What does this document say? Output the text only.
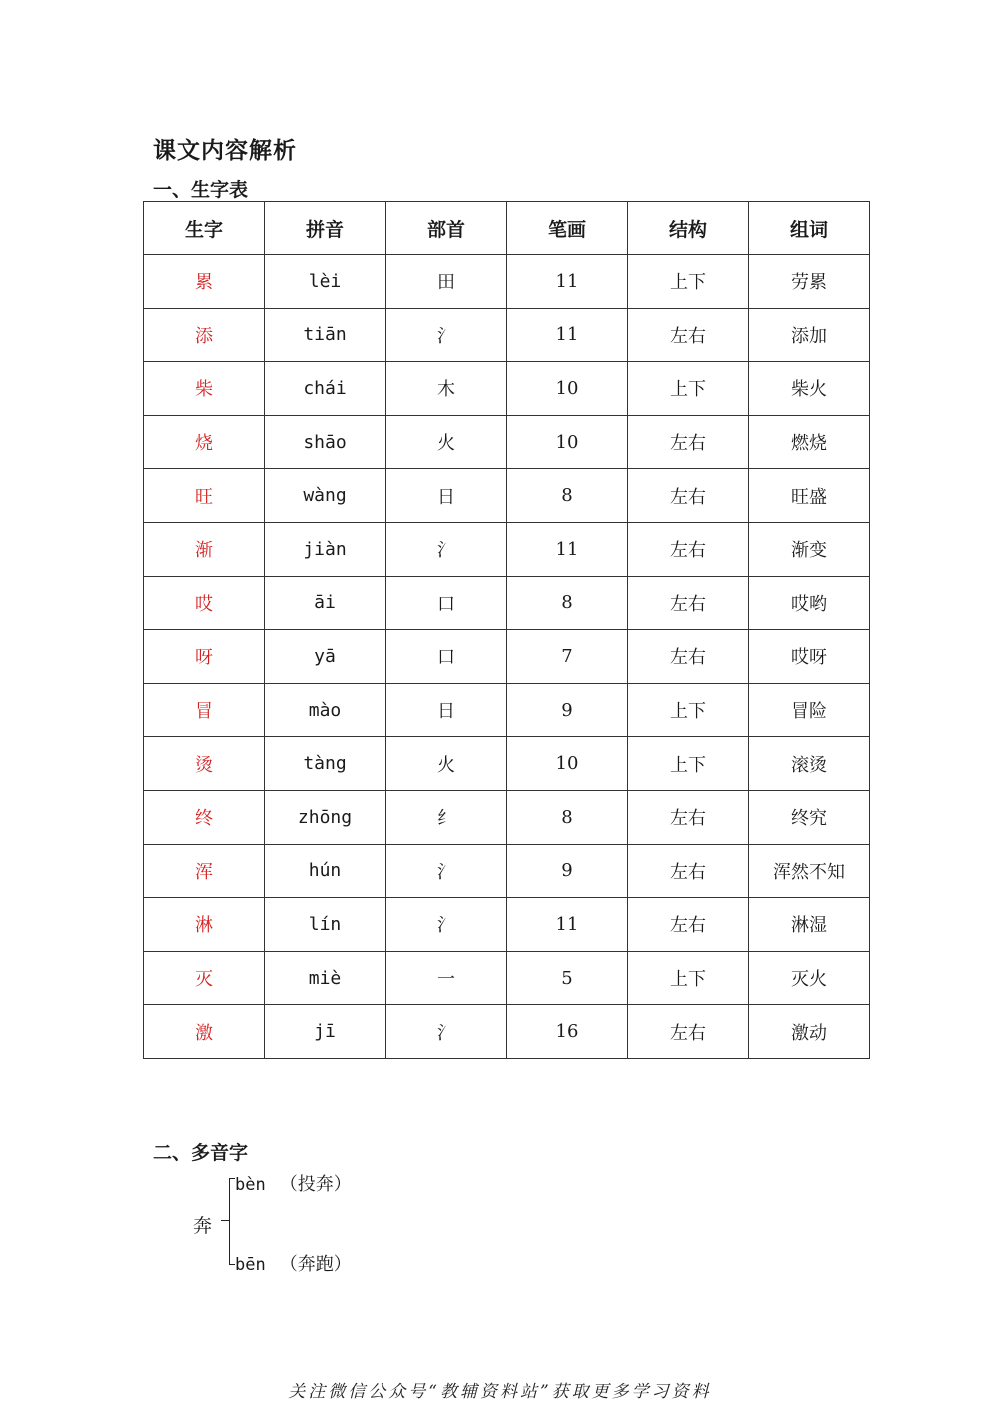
课文内容解析
一、生字表
生字	拼音	部首	笔画	结构	组词
累	lèi	田	11	上下	劳累
添	tiān	氵	11	左右	添加
柴	chái	木	10	上下	柴火
烧	shāo	火	10	左右	燃烧
旺	wàng	日	8	左右	旺盛
渐	jiàn	氵	11	左右	渐变
哎	āi	口	8	左右	哎哟
呀	yā	口	7	左右	哎呀
冒	mào	日	9	上下	冒险
烫	tàng	火	10	上下	滚烫
终	zhōng	纟	8	左右	终究
浑	hún	氵	9	左右	浑然不知
淋	lín	氵	11	左右	淋湿
灭	miè	一	5	上下	灭火
激	jī	氵	16	左右	激动
二、多音字
奔
bèn （投奔）
bēn （奔跑）
关注微信公众号“教辅资料站”获取更多学习资料
